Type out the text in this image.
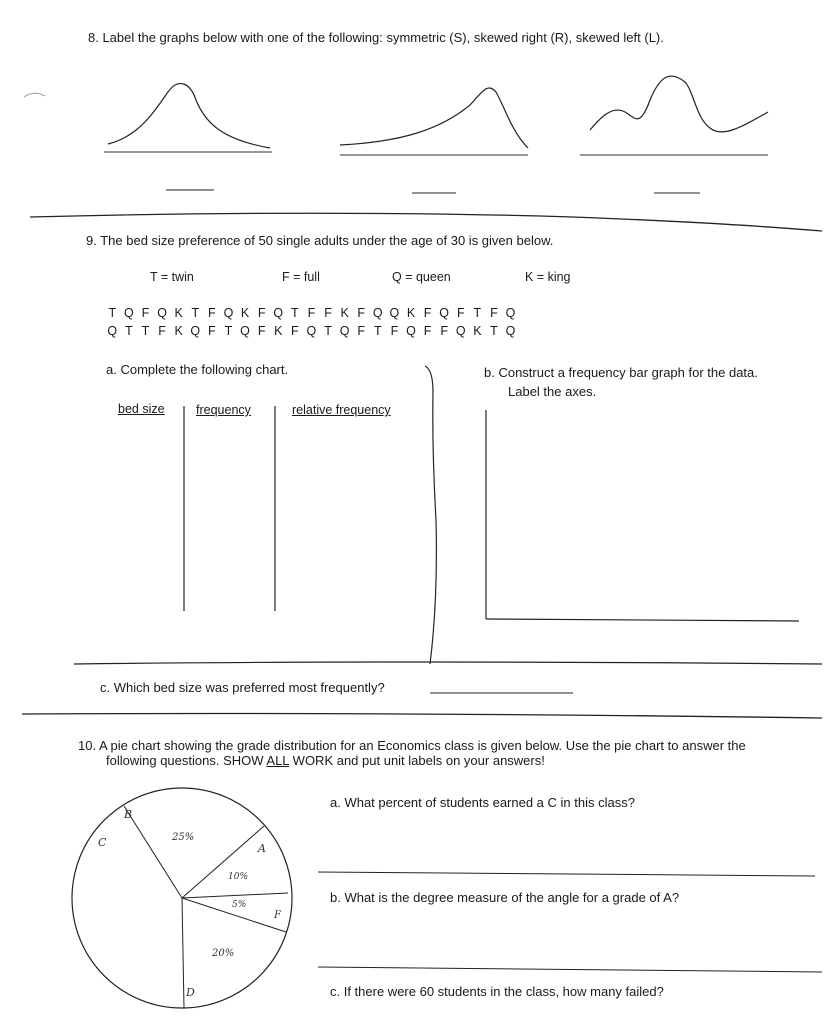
8. Label the graphs below with one of the following: symmetric (S), skewed right (R), skewed left (L).
9. The bed size preference of 50 single adults under the age of 30 is given below.
T = twin	F = full	Q = queen	K = king
T Q F Q K T F Q K F Q T F F K F Q Q K F Q F T F Q
Q T T F K Q F T Q F K F Q T Q F T F Q F F Q K T Q
a. Complete the following chart.	b. Construct a frequency bar graph for the data.
Label the axes.
bed size	frequency	relative frequency
c. Which bed size was preferred most frequently?
10. A pie chart showing the grade distribution for an Economics class is given below. Use the pie chart to answer the
following questions. SHOW ALL WORK and put unit labels on your answers!
a. What percent of students earned a C in this class?
b. What is the degree measure of the angle for a grade of A?
c. If there were 60 students in the class, how many failed?
B
C	25%
A
10%
5%
F
20%
D
